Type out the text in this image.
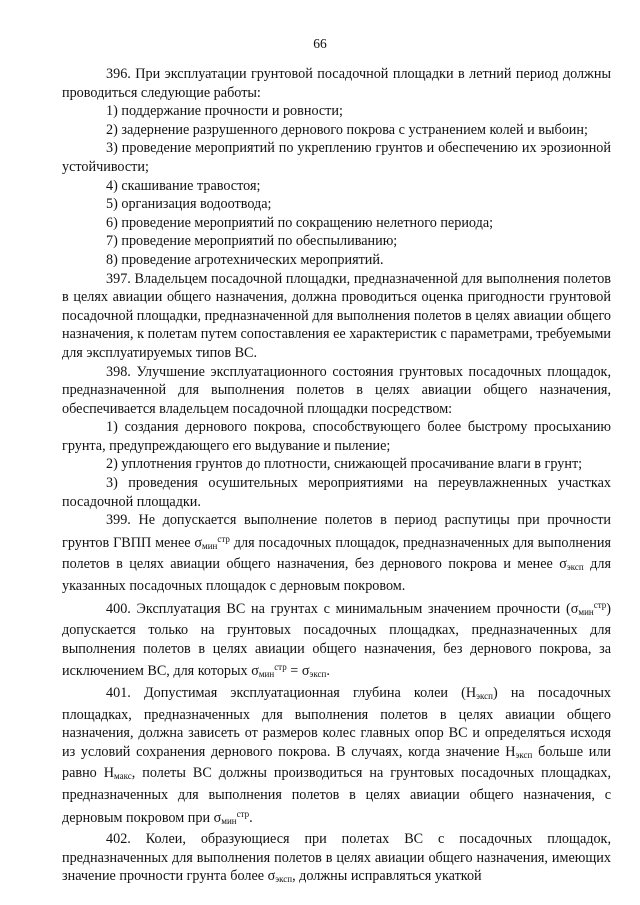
66

396. При эксплуатации грунтовой посадочной площадки в летний период должны проводиться следующие работы:

1) поддержание прочности и ровности;

2) задернение разрушенного дернового покрова с устранением колей и выбоин;

3) проведение мероприятий по укреплению грунтов и обеспечению их эрозионной устойчивости;

4) скашивание травостоя;

5) организация водоотвода;

6) проведение мероприятий по сокращению нелетного периода;

7) проведение мероприятий по обеспыливанию;

8) проведение агротехнических мероприятий.

397. Владельцем посадочной площадки, предназначенной для выполнения полетов в целях авиации общего назначения, должна проводиться оценка пригодности грунтовой посадочной площадки, предназначенной для выполнения полетов в целях авиации общего назначения, к полетам путем сопоставления ее характеристик с параметрами, требуемыми для эксплуатируемых типов ВС.

398. Улучшение эксплуатационного состояния грунтовых посадочных площадок, предназначенной для выполнения полетов в целях авиации общего назначения, обеспечивается владельцем посадочной площадки посредством:

1) создания дернового покрова, способствующего более быстрому просыханию грунта, предупреждающего его выдувание и пыление;

2) уплотнения грунтов до плотности, снижающей просачивание влаги в грунт;

3) проведения осушительных мероприятиями на переувлажненных участках посадочной площадки.

399. Не допускается выполнение полетов в период распутицы при прочности грунтов ГВПП менее $\sigma_{мин}^{стр}$ для посадочных площадок, предназначенных для выполнения полетов в целях авиации общего назначения, без дернового покрова и менее $\sigma_{эксп}$ для указанных посадочных площадок с дерновым покровом.

400. Эксплуатация ВС на грунтах с минимальным значением прочности $(\sigma_{мин}^{стр})$ допускается только на грунтовых посадочных площадках, предназначенных для выполнения полетов в целях авиации общего назначения, без дернового покрова, за исключением ВС, для которых $\sigma_{мин}^{стр} = \sigma_{эксп}$.

401. Допустимая эксплуатационная глубина колеи $(H_{эксп})$ на посадочных площадках, предназначенных для выполнения полетов в целях авиации общего назначения, должна зависеть от размеров колес главных опор ВС и определяться исходя из условий сохранения дернового покрова. В случаях, когда значение $H_{эксп}$ больше или равно $H_{макс}$, полеты ВС должны производиться на грунтовых посадочных площадках, предназначенных для выполнения полетов в целях авиации общего назначения, с дерновым покровом при $\sigma_{мин}^{стр}$.

402. Колеи, образующиеся при полетах ВС с посадочных площадок, предназначенных для выполнения полетов в целях авиации общего назначения, имеющих значение прочности грунта более $\sigma_{эксп}$, должны исправляться укаткой
